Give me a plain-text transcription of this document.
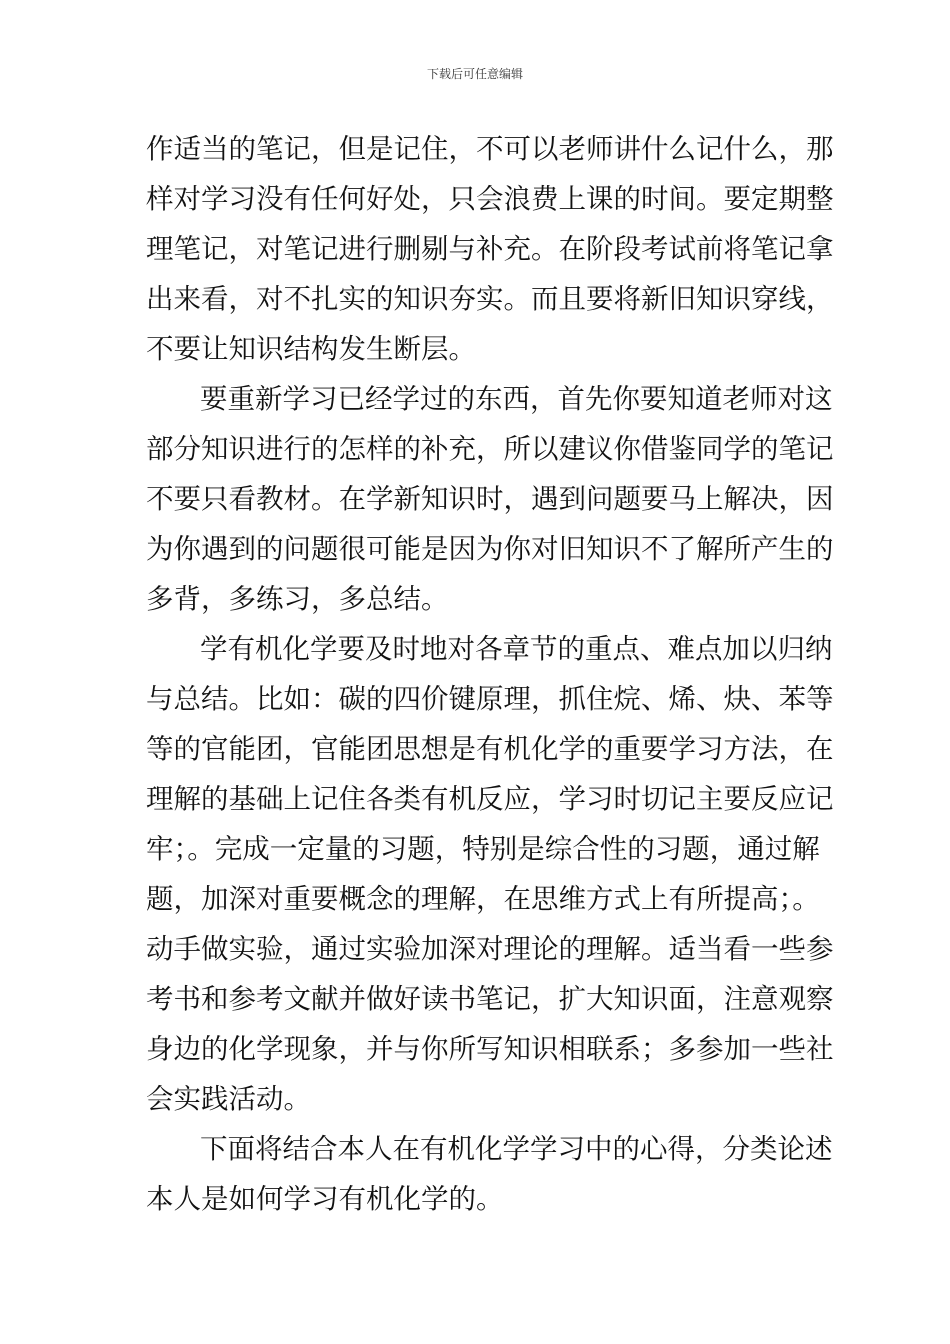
下载后可任意编辑
作适当的笔记，但是记住，不可以老师讲什么记什么，那
样对学习没有任何好处，只会浪费上课的时间。要定期整
理笔记，对笔记进行删剔与补充。在阶段考试前将笔记拿
出来看，对不扎实的知识夯实。而且要将新旧知识穿线，
不要让知识结构发生断层。
要重新学习已经学过的东西，首先你要知道老师对这
部分知识进行的怎样的补充，所以建议你借鉴同学的笔记
不要只看教材。在学新知识时，遇到问题要马上解决，因
为你遇到的问题很可能是因为你对旧知识不了解所产生的
多背，多练习，多总结。
学有机化学要及时地对各章节的重点、难点加以归纳
与总结。比如：碳的四价键原理，抓住烷、烯、炔、苯等
等的官能团，官能团思想是有机化学的重要学习方法，在
理解的基础上记住各类有机反应，学习时切记主要反应记
牢；。完成一定量的习题，特别是综合性的习题，通过解
题，加深对重要概念的理解，在思维方式上有所提高；。
动手做实验，通过实验加深对理论的理解。适当看一些参
考书和参考文献并做好读书笔记，扩大知识面，注意观察
身边的化学现象，并与你所写知识相联系；多参加一些社
会实践活动。
下面将结合本人在有机化学学习中的心得，分类论述
本人是如何学习有机化学的。
